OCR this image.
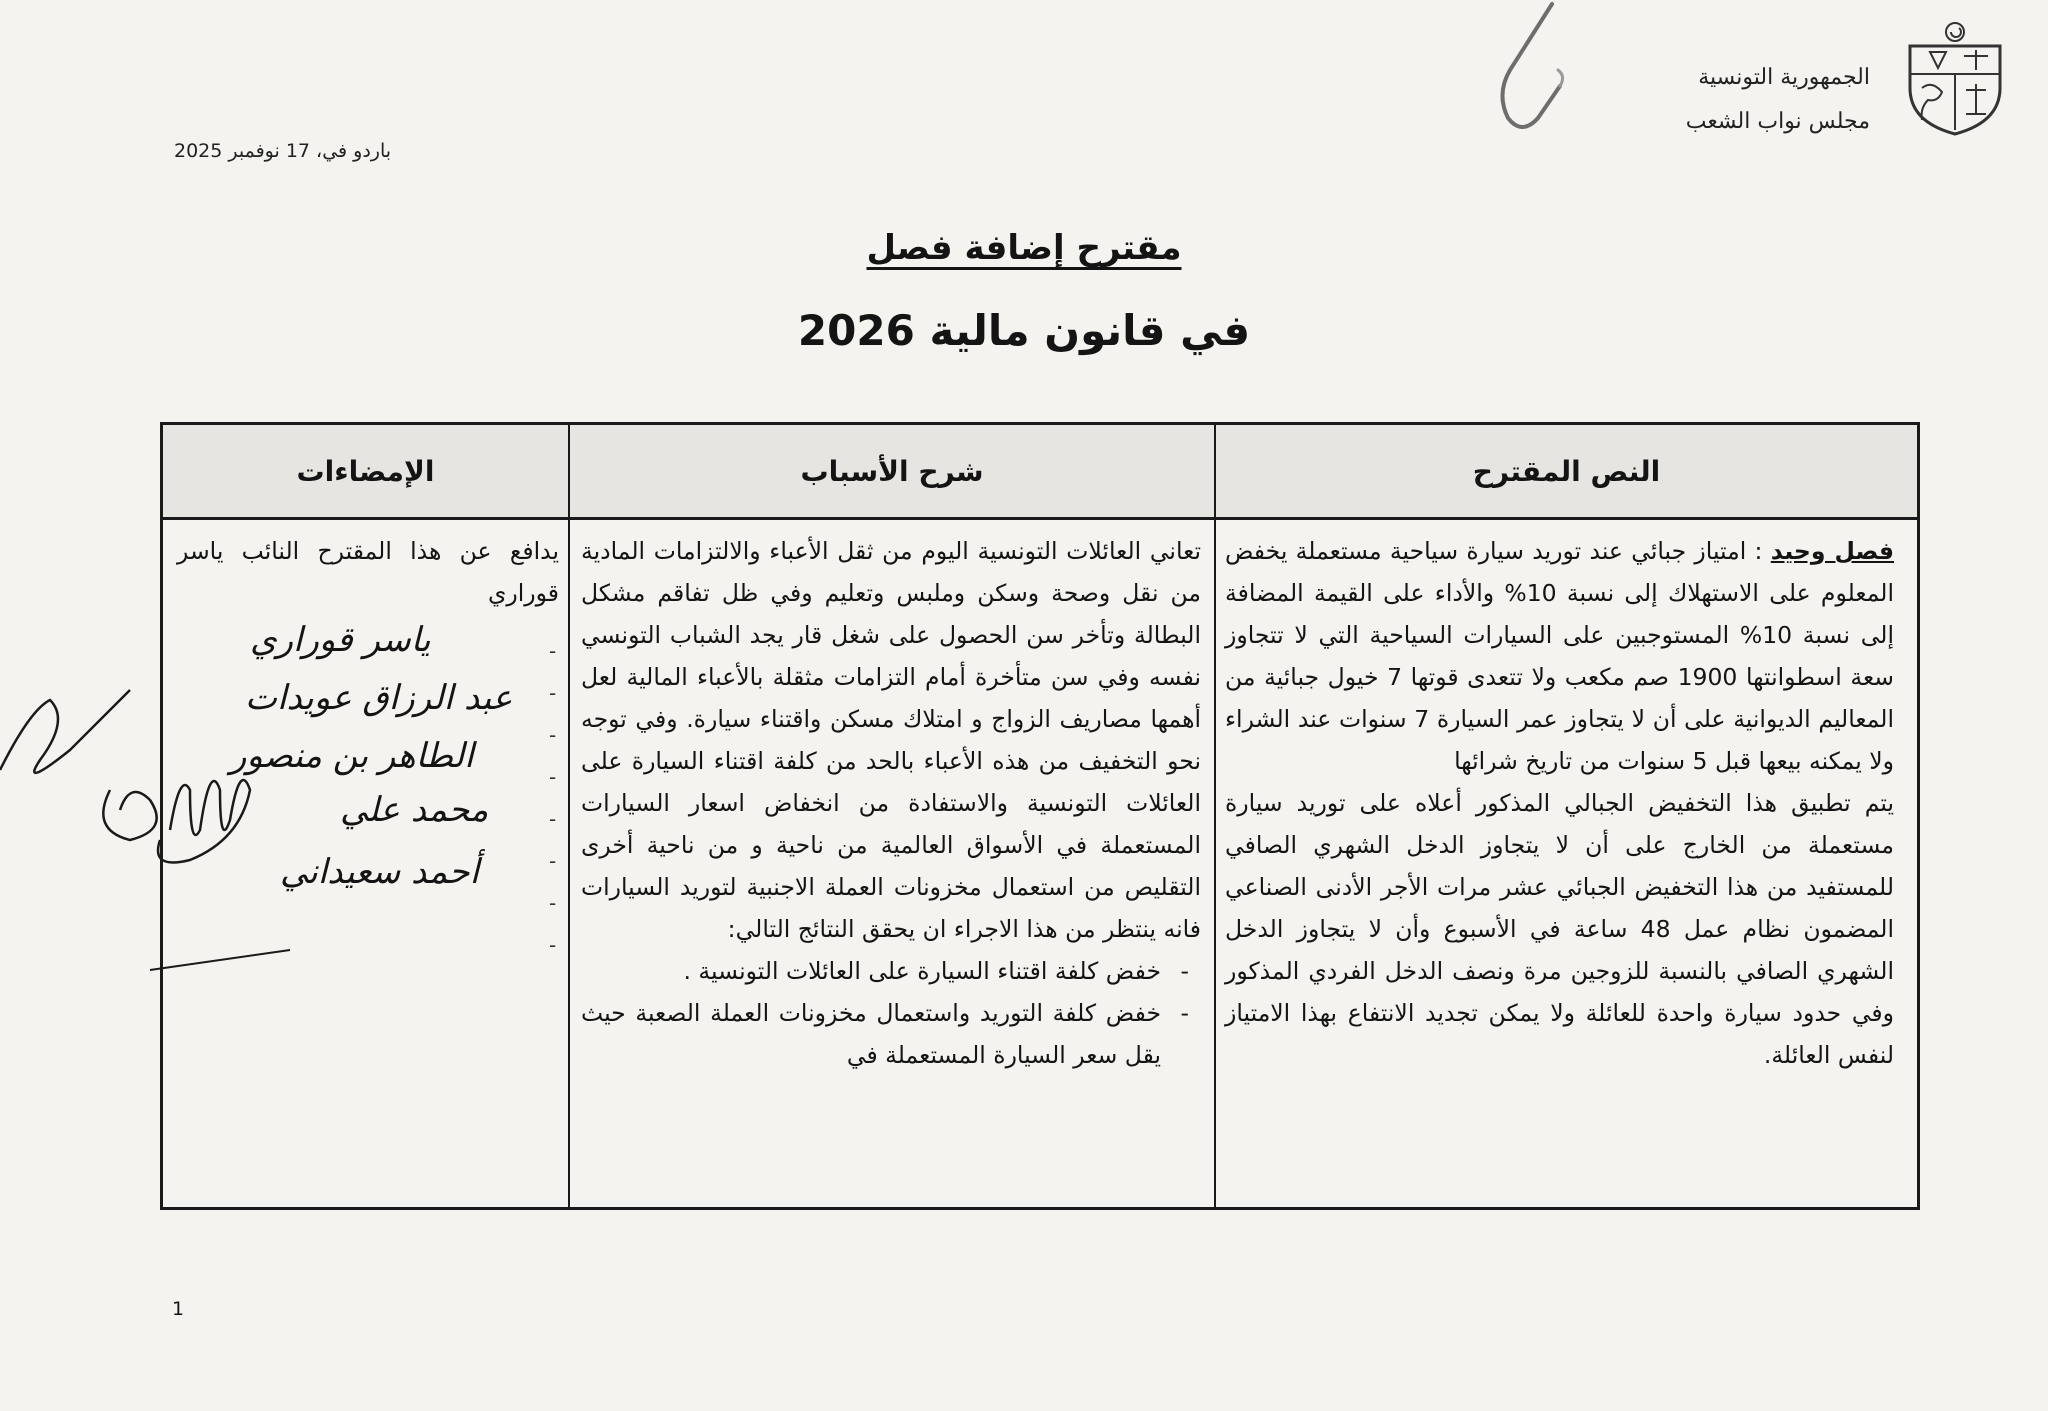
الجمهورية التونسية
مجلس نواب الشعب
باردو في، 17 نوفمبر 2025
مقترح إضافة فصل
في قانون مالية 2026
النص المقترح
شرح الأسباب
الإمضاءات

فصل وحيد : امتياز جبائي عند توريد سيارة سياحية مستعملة يخفض المعلوم على الاستهلاك إلى نسبة 10% والأداء على القيمة المضافة إلى نسبة 10% المستوجبين على السيارات السياحية التي لا تتجاوز سعة اسطوانتها 1900 صم مكعب ولا تتعدى قوتها 7 خيول جبائية من المعاليم الديوانية على أن لا يتجاوز عمر السيارة 7 سنوات عند الشراء ولا يمكنه بيعها قبل 5 سنوات من تاريخ شرائها

يتم تطبيق هذا التخفيض الجبالي المذكور أعلاه على توريد سيارة مستعملة من الخارج على أن لا يتجاوز الدخل الشهري الصافي للمستفيد من هذا التخفيض الجبائي عشر مرات الأجر الأدنى الصناعي المضمون نظام عمل 48 ساعة في الأسبوع وأن لا يتجاوز الدخل الشهري الصافي بالنسبة للزوجين مرة ونصف الدخل الفردي المذكور وفي حدود سيارة واحدة للعائلة ولا يمكن تجديد الانتفاع بهذا الامتياز لنفس العائلة.

تعاني العائلات التونسية اليوم من ثقل الأعباء والالتزامات المادية من نقل وصحة وسكن وملبس وتعليم وفي ظل تفاقم مشكل البطالة وتأخر سن الحصول على شغل قار يجد الشباب التونسي نفسه وفي سن متأخرة أمام التزامات مثقلة بالأعباء المالية لعل أهمها مصاريف الزواج و امتلاك مسكن واقتناء سيارة. وفي توجه نحو التخفيف من هذه الأعباء بالحد من كلفة اقتناء السيارة على العائلات التونسية والاستفادة من انخفاض اسعار السيارات المستعملة في الأسواق العالمية من ناحية و من ناحية أخرى التقليص من استعمال مخزونات العملة الاجنبية لتوريد السيارات فانه ينتظر من هذا الاجراء ان يحقق النتائج التالي:

- خفض كلفة اقتناء السيارة على العائلات التونسية .
- خفض كلفة التوريد واستعمال مخزونات العملة الصعبة حيث يقل سعر السيارة المستعملة في

يدافع عن هذا المقترح النائب ياسر قوراري

-
-
-
-
-
-
-
-
ياسر قوراري
عبد الرزاق عويدات
الطاهر بن منصور
محمد علي
أحمد سعيداني
1
